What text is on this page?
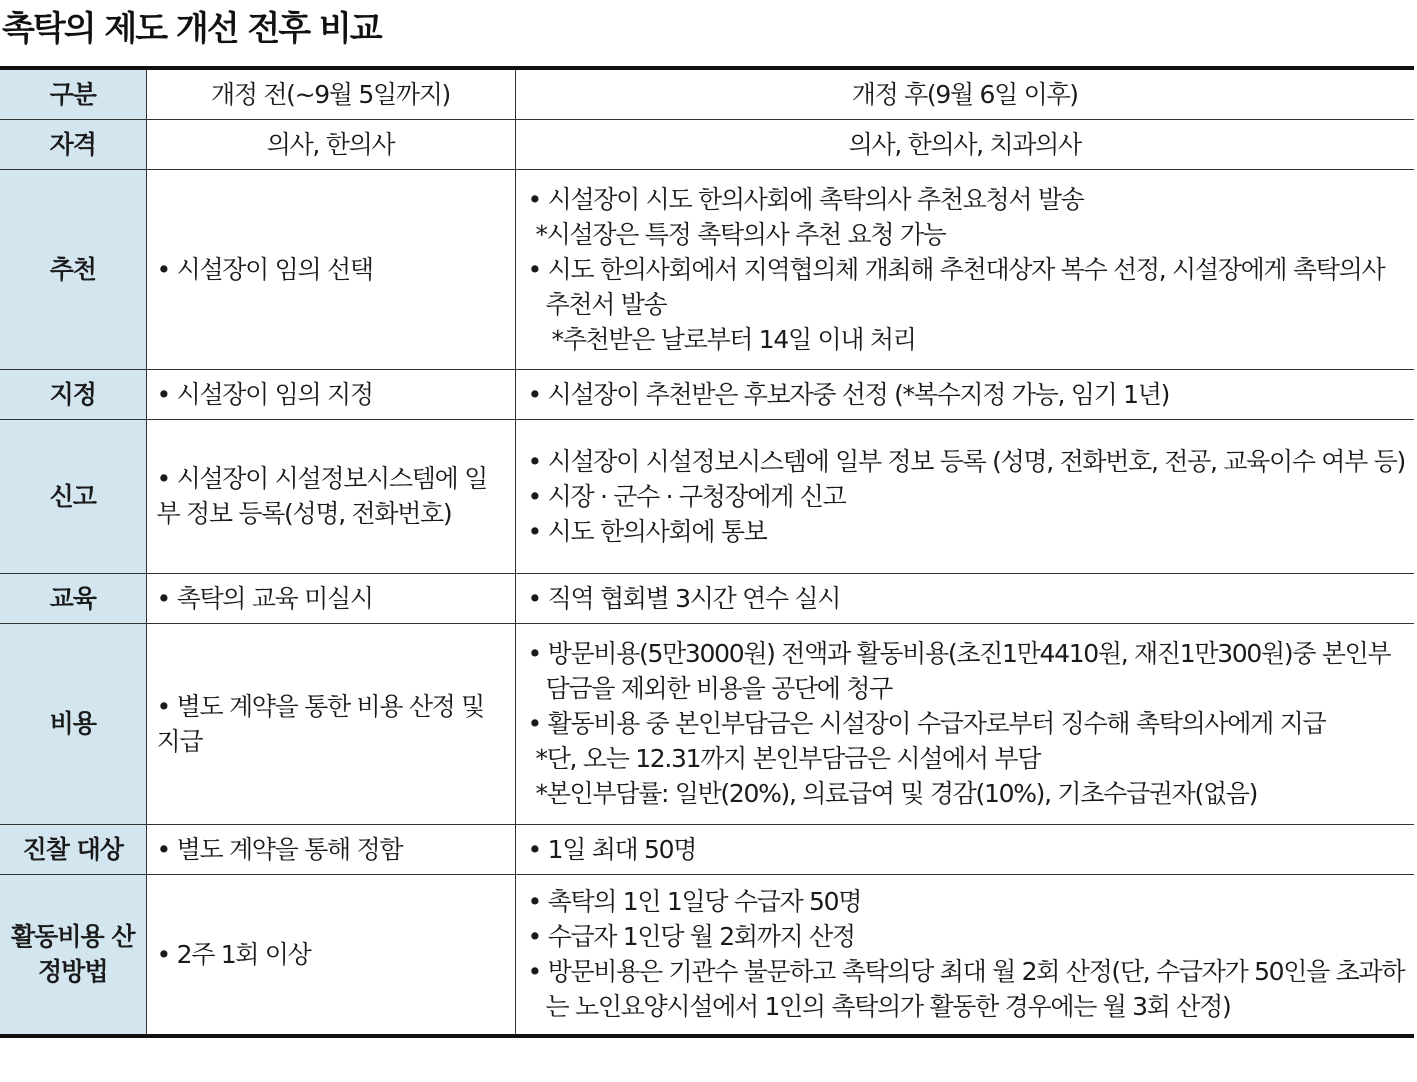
촉탁의 제도 개선 전후 비교
구분	개정 전(~9월 5일까지)	개정 후(9월 6일 이후)
자격	의사, 한의사	의사, 한의사, 치과의사
추천	• 시설장이 임의 선택	• 시설장이 시도 한의사회에 촉탁의사 추천요청서 발송
*시설장은 특정 촉탁의사 추천 요청 가능
• 시도 한의사회에서 지역협의체 개최해 추천대상자 복수 선정, 시설장에게 촉탁의사 추천서 발송
*추천받은 날로부터 14일 이내 처리

지정	• 시설장이 임의 지정	• 시설장이 추천받은 후보자중 선정 (*복수지정 가능, 임기 1년)
신고	• 시설장이 시설정보시스템에 일부 정보 등록(성명, 전화번호)	• 시설장이 시설정보시스템에 일부 정보 등록 (성명, 전화번호, 전공, 교육이수 여부 등)
• 시장 · 군수 · 구청장에게 신고
• 시도 한의사회에 통보

교육	• 촉탁의 교육 미실시	• 직역 협회별 3시간 연수 실시
비용	• 별도 계약을 통한 비용 산정 및 지급	• 방문비용(5만3000원) 전액과 활동비용(초진1만4410원, 재진1만300원)중 본인부담금을 제외한 비용을 공단에 청구
• 활동비용 중 본인부담금은 시설장이 수급자로부터 징수해 촉탁의사에게 지급
*단, 오는 12.31까지 본인부담금은 시설에서 부담
*본인부담률: 일반(20%), 의료급여 및 경감(10%), 기초수급권자(없음)

진찰 대상	• 별도 계약을 통해 정함	• 1일 최대 50명
활동비용 산정방법	• 2주 1회 이상	• 촉탁의 1인 1일당 수급자 50명
• 수급자 1인당 월 2회까지 산정
• 방문비용은 기관수 불문하고 촉탁의당 최대 월 2회 산정(단, 수급자가 50인을 초과하는 노인요양시설에서 1인의 촉탁의가 활동한 경우에는 월 3회 산정)
